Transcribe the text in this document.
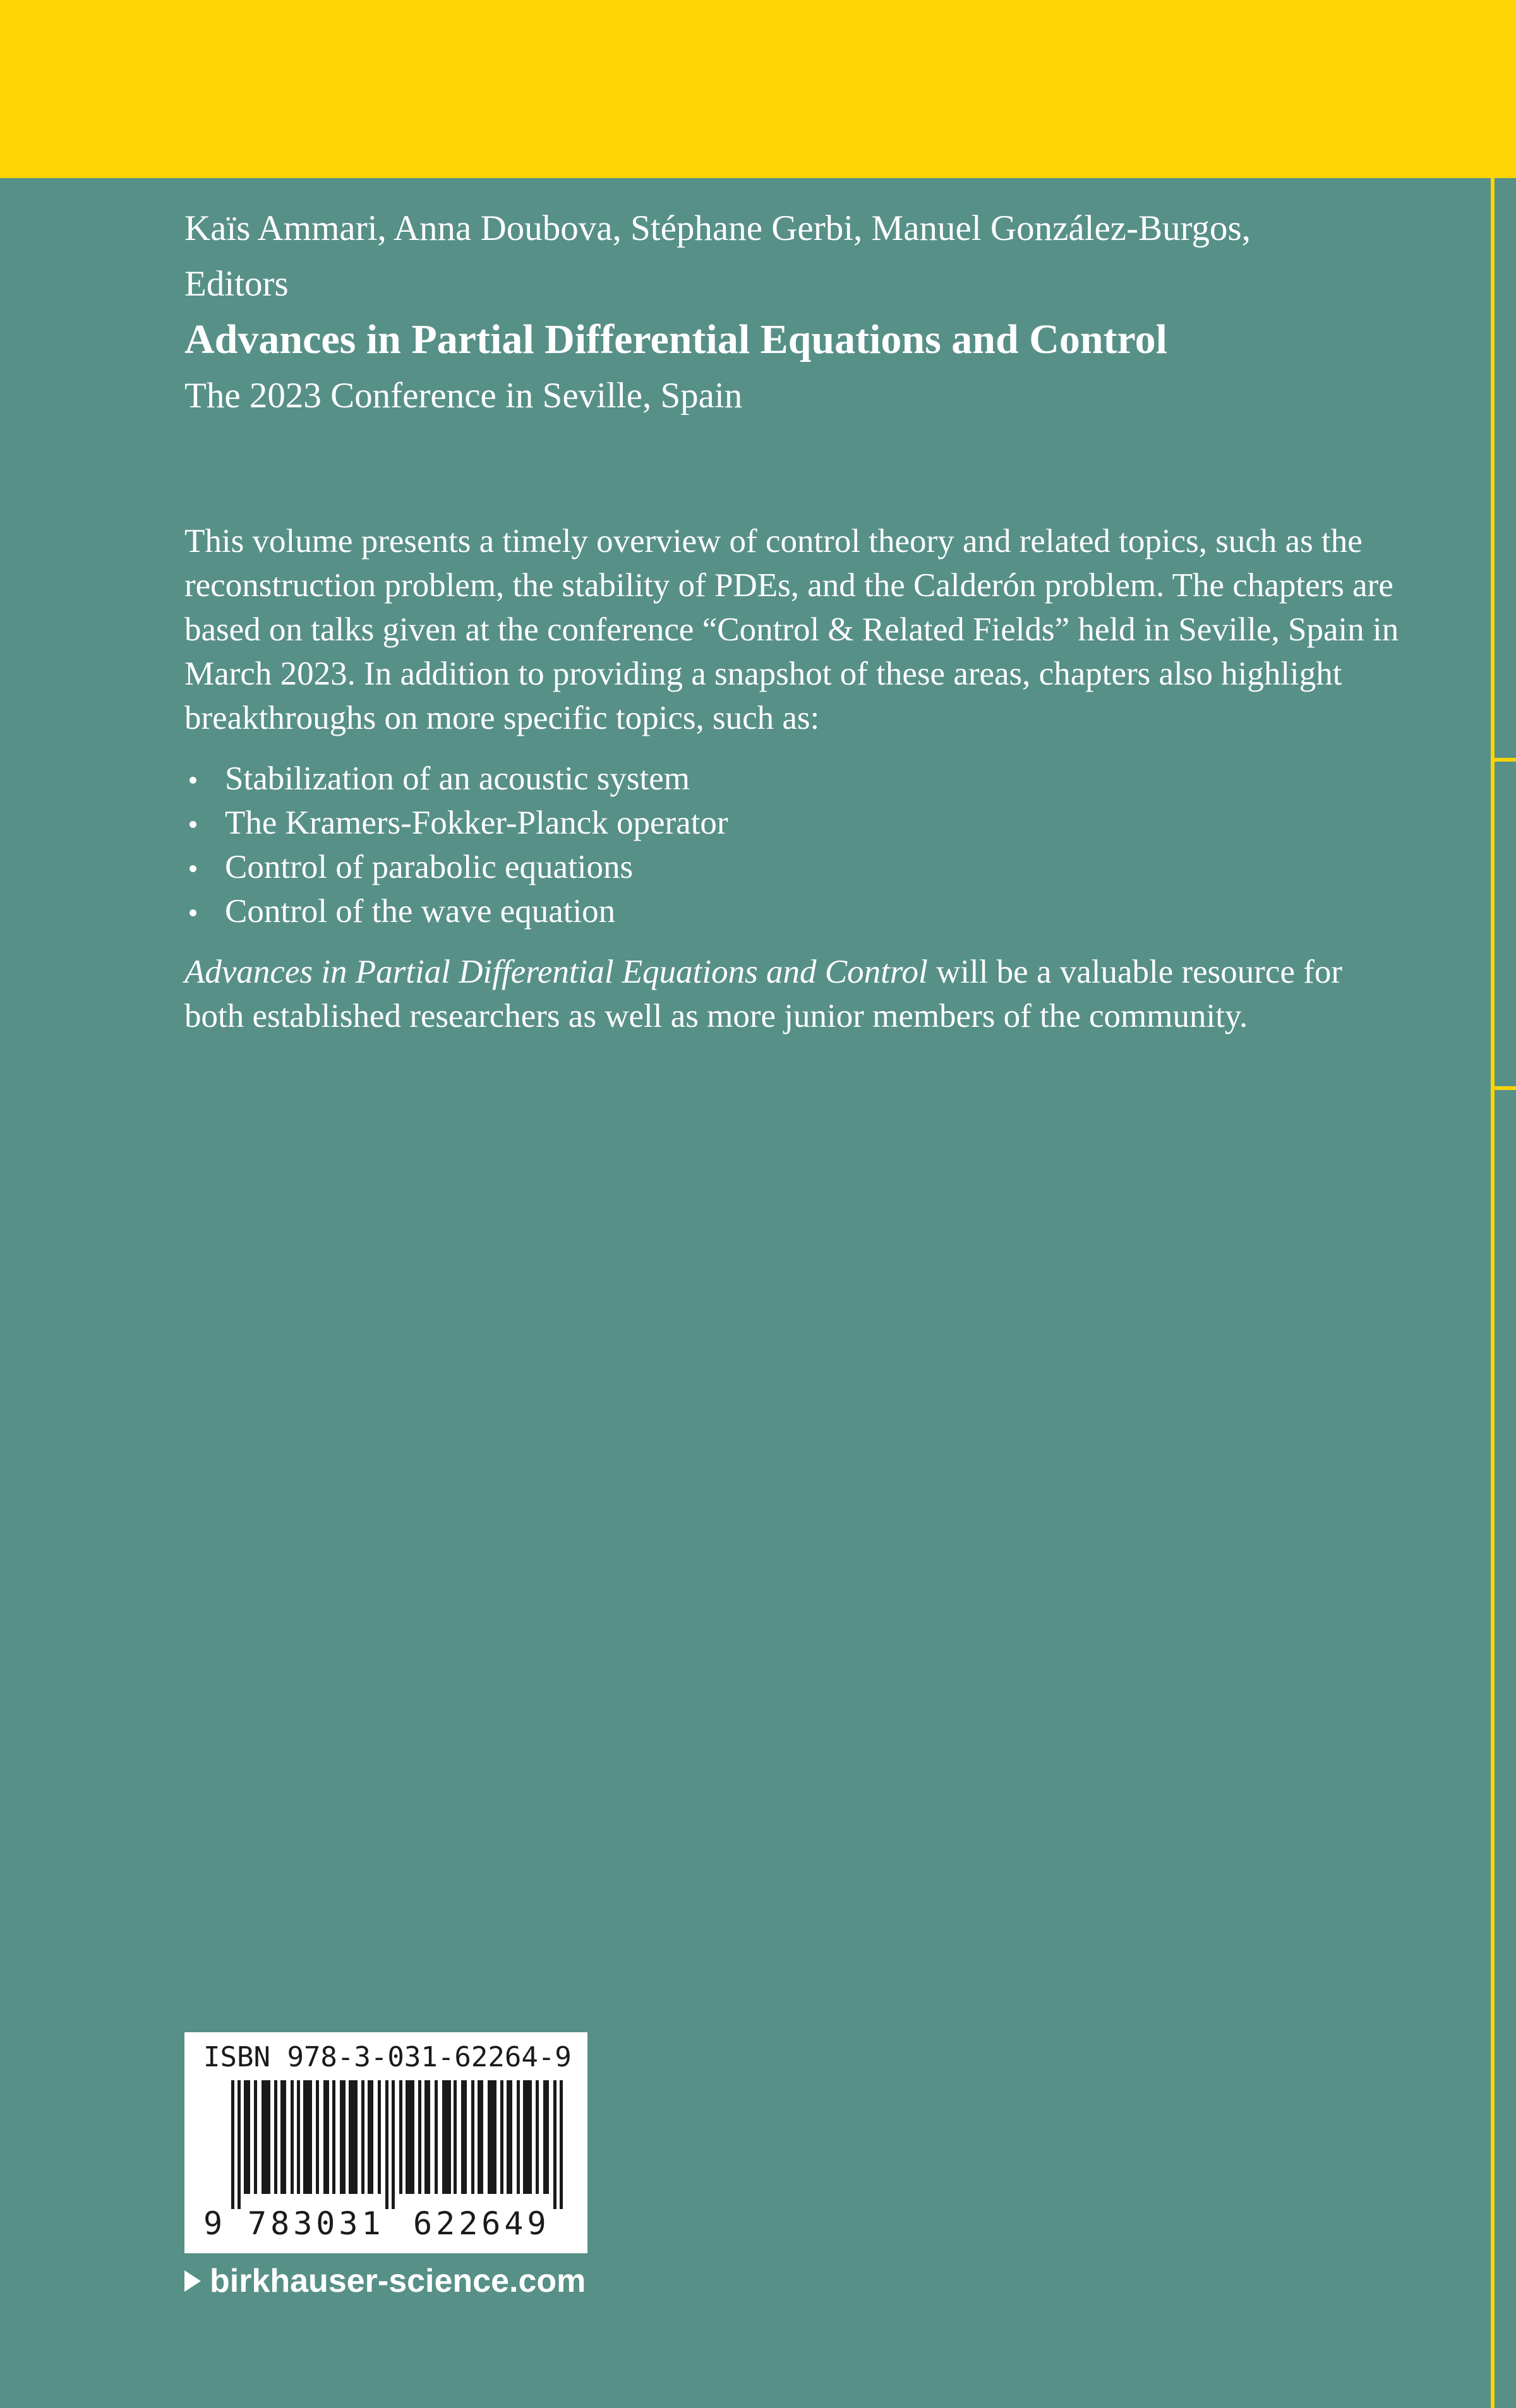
Kaïs Ammari, Anna Doubova, Stéphane Gerbi, Manuel González-Burgos,
Editors

Advances in Partial Differential Equations and Control

The 2023 Conference in Seville, Spain

This volume presents a timely overview of control theory and related topics, such as the reconstruction problem, the stability of PDEs, and the Calderón problem. The chapters are based on talks given at the conference “Control & Related Fields” held in Seville, Spain in March 2023. In addition to providing a snapshot of these areas, chapters also highlight breakthroughs on more specific topics, such as:

Stabilization of an acoustic system
The Kramers-Fokker-Planck operator
Control of parabolic equations
Control of the wave equation

Advances in Partial Differential Equations and Control will be a valuable resource for both established researchers as well as more junior members of the community.

ISBN 978-3-031-62264-9
9 783031 622649
birkhauser-science.com
